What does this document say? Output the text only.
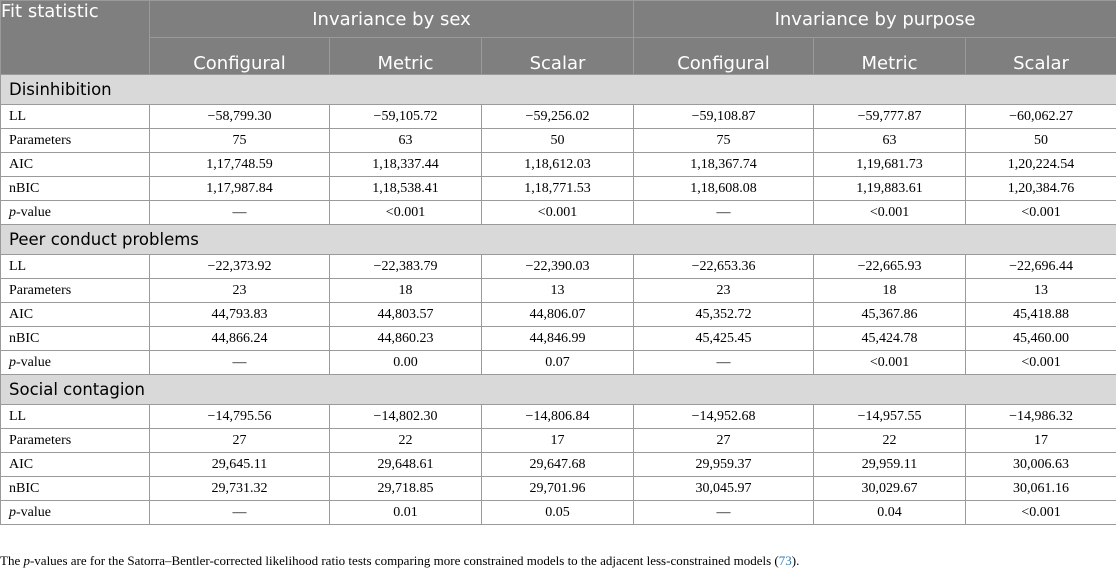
Fit statistic	Invariance by sex			Invariance by purpose		
	Configural	Metric	Scalar	Configural	Metric	Scalar
Disinhibition						
LL	−58,799.30	−59,105.72	−59,256.02	−59,108.87	−59,777.87	−60,062.27
Parameters	75	63	50	75	63	50
AIC	1,17,748.59	1,18,337.44	1,18,612.03	1,18,367.74	1,19,681.73	1,20,224.54
nBIC	1,17,987.84	1,18,538.41	1,18,771.53	1,18,608.08	1,19,883.61	1,20,384.76
p-value	—	<0.001	<0.001	—	<0.001	<0.001
Peer conduct problems						
LL	−22,373.92	−22,383.79	−22,390.03	−22,653.36	−22,665.93	−22,696.44
Parameters	23	18	13	23	18	13
AIC	44,793.83	44,803.57	44,806.07	45,352.72	45,367.86	45,418.88
nBIC	44,866.24	44,860.23	44,846.99	45,425.45	45,424.78	45,460.00
p-value	—	0.00	0.07	—	<0.001	<0.001
Social contagion						
LL	−14,795.56	−14,802.30	−14,806.84	−14,952.68	−14,957.55	−14,986.32
Parameters	27	22	17	27	22	17
AIC	29,645.11	29,648.61	29,647.68	29,959.37	29,959.11	30,006.63
nBIC	29,731.32	29,718.85	29,701.96	30,045.97	30,029.67	30,061.16
p-value	—	0.01	0.05	—	0.04	<0.001
The p-values are for the Satorra–Bentler-corrected likelihood ratio tests comparing more constrained models to the adjacent less-constrained models (73).
